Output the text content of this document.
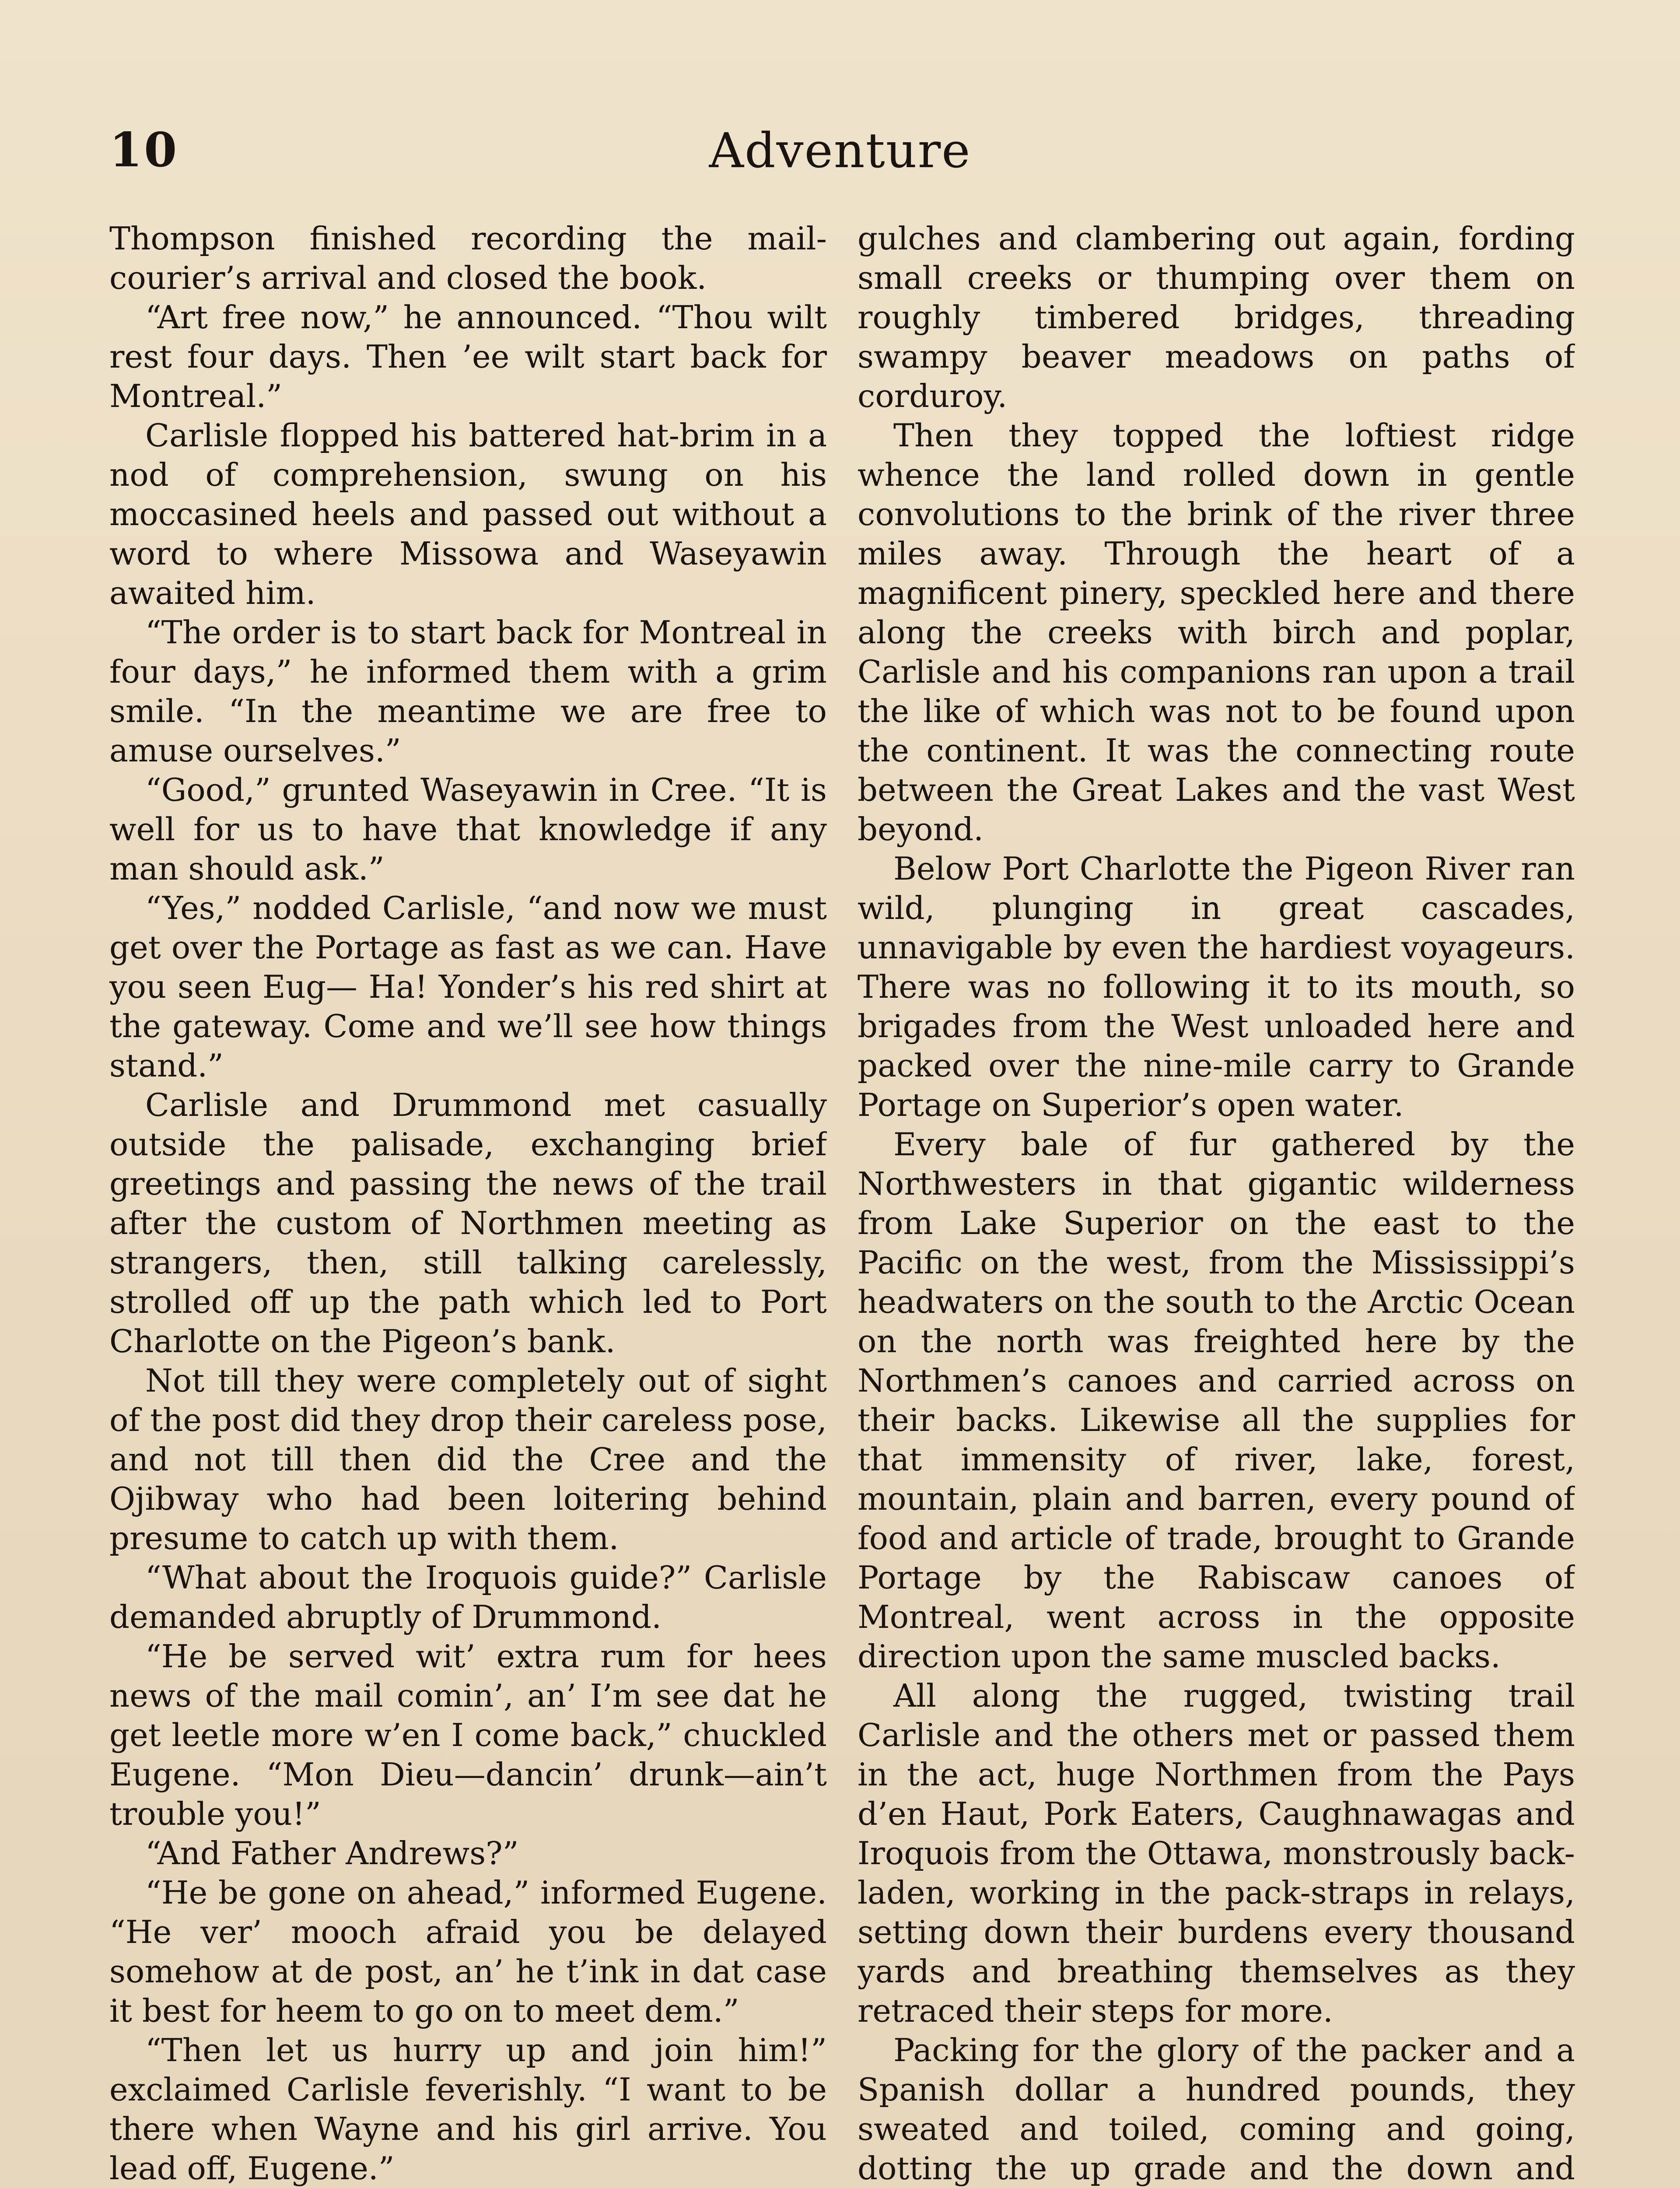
10	Adventure

Thompson finished recording the mail-courier’s arrival and closed the book.

“Art free now,” he announced. “Thou wilt rest four days. Then ’ee wilt start back for Montreal.”

Carlisle flopped his battered hat-brim in a nod of comprehension, swung on his moccasined heels and passed out without a word to where Missowa and Waseyawin awaited him.

“The order is to start back for Montreal in four days,” he informed them with a grim smile. “In the meantime we are free to amuse ourselves.”

“Good,” grunted Waseyawin in Cree. “It is well for us to have that knowledge if any man should ask.”

“Yes,” nodded Carlisle, “and now we must get over the Portage as fast as we can. Have you seen Eug— Ha! Yonder’s his red shirt at the gateway. Come and we’ll see how things stand.”

Carlisle and Drummond met casually outside the palisade, exchanging brief greetings and passing the news of the trail after the custom of Northmen meeting as strangers, then, still talking carelessly, strolled off up the path which led to Port Charlotte on the Pigeon’s bank.

Not till they were completely out of sight of the post did they drop their careless pose, and not till then did the Cree and the Ojibway who had been loitering behind presume to catch up with them.

“What about the Iroquois guide?” Carlisle demanded abruptly of Drummond.

“He be served wit’ extra rum for hees news of the mail comin’, an’ I’m see dat he get leetle more w’en I come back,” chuckled Eugene. “Mon Dieu—dancin’ drunk—ain’t trouble you!”

“And Father Andrews?”

“He be gone on ahead,” informed Eugene. “He ver’ mooch afraid you be delayed somehow at de post, an’ he t’ink in dat case it best for heem to go on to meet dem.”

“Then let us hurry up and join him!” exclaimed Carlisle feverishly. “I want to be there when Wayne and his girl arrive. You lead off, Eugene.”

gulches and clambering out again, fording small creeks or thumping over them on roughly timbered bridges, threading swampy beaver meadows on paths of corduroy.

Then they topped the loftiest ridge whence the land rolled down in gentle convolutions to the brink of the river three miles away. Through the heart of a magnificent pinery, speckled here and there along the creeks with birch and poplar, Carlisle and his companions ran upon a trail the like of which was not to be found upon the continent. It was the connecting route between the Great Lakes and the vast West beyond.

Below Port Charlotte the Pigeon River ran wild, plunging in great cascades, unnavigable by even the hardiest voyageurs. There was no following it to its mouth, so brigades from the West unloaded here and packed over the nine-mile carry to Grande Portage on Superior’s open water.

Every bale of fur gathered by the Northwesters in that gigantic wilderness from Lake Superior on the east to the Pacific on the west, from the Mississippi’s headwaters on the south to the Arctic Ocean on the north was freighted here by the Northmen’s canoes and carried across on their backs. Likewise all the supplies for that immensity of river, lake, forest, mountain, plain and barren, every pound of food and article of trade, brought to Grande Portage by the Rabiscaw canoes of Montreal, went across in the opposite direction upon the same muscled backs.

All along the rugged, twisting trail Carlisle and the others met or passed them in the act, huge Northmen from the Pays d’en Haut, Pork Eaters, Caughnawagas and Iroquois from the Ottawa, monstrously back-laden, working in the pack-straps in relays, setting down their burdens every thousand yards and breathing themselves as they retraced their steps for more.

Packing for the glory of the packer and a Spanish dollar a hundred pounds, they sweated and toiled, coming and going, dotting the up grade and the down and
